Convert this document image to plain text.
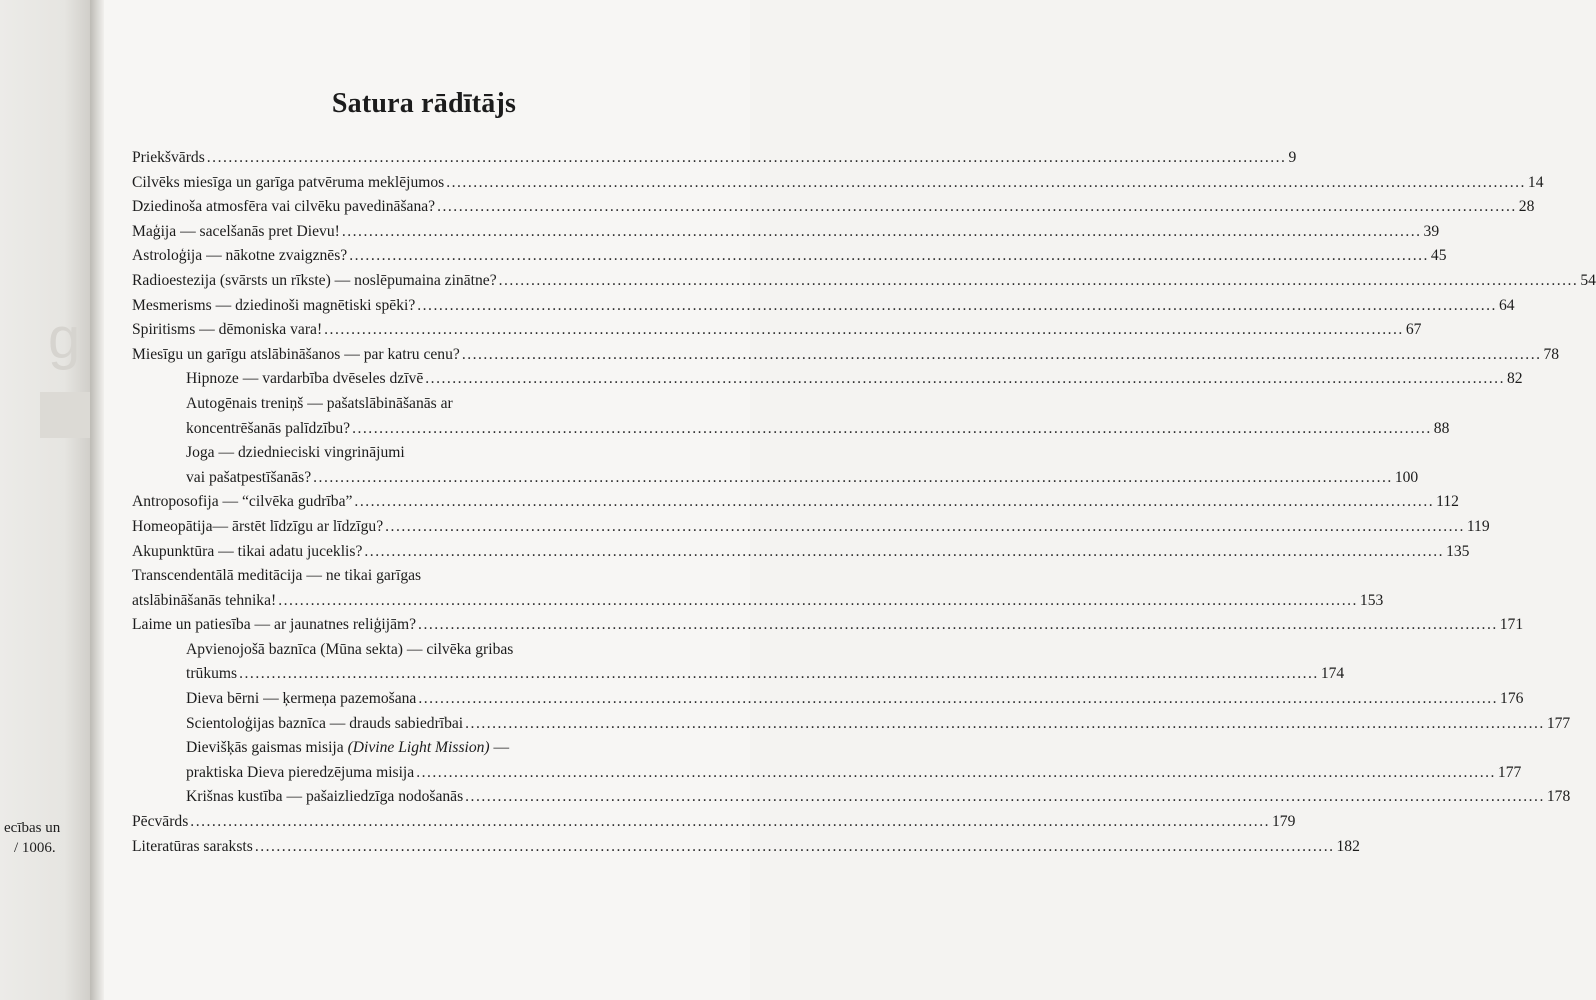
g
ecības un
/ 1006.
Satura rādītājs
Priekšvārds ........................................................................................................................................................................................................ 9
Cilvēks miesīga un garīga patvēruma meklējumos ........................................................................................................................................................................................................ 14
Dziedinoša atmosfēra vai cilvēku pavedināšana? ........................................................................................................................................................................................................ 28
Maģija — sacelšanās pret Dievu! ........................................................................................................................................................................................................ 39
Astroloģija — nākotne zvaigznēs? ........................................................................................................................................................................................................ 45
Radioestezija (svārsts un rīkste) — noslēpumaina zinātne? ........................................................................................................................................................................................................ 54
Mesmerisms — dziedinoši magnētiski spēki? ........................................................................................................................................................................................................ 64
Spiritisms — dēmoniska vara! ........................................................................................................................................................................................................ 67
Miesīgu un garīgu atslābināšanos — par katru cenu? ........................................................................................................................................................................................................ 78
Hipnoze — vardarbība dvēseles dzīvē ........................................................................................................................................................................................................ 82
Autogēnais treniņš — pašatslābināšanās ar
koncentrēšanās palīdzību? ........................................................................................................................................................................................................ 88
Joga — dziednieciski vingrinājumi
vai pašatpestīšanās? ........................................................................................................................................................................................................ 100
Antroposofija — “cilvēka gudrība” ........................................................................................................................................................................................................ 112
Homeopātija— ārstēt līdzīgu ar līdzīgu? ........................................................................................................................................................................................................ 119
Akupunktūra — tikai adatu juceklis? ........................................................................................................................................................................................................ 135
Transcendentālā meditācija — ne tikai garīgas
atslābināšanās tehnika! ........................................................................................................................................................................................................ 153
Laime un patiesība — ar jaunatnes reliģijām? ........................................................................................................................................................................................................ 171
Apvienojošā baznīca (Mūna sekta) — cilvēka gribas
trūkums ........................................................................................................................................................................................................ 174
Dieva bērni — ķermeņa pazemošana ........................................................................................................................................................................................................ 176
Scientoloģijas baznīca — drauds sabiedrībai ........................................................................................................................................................................................................ 177
Dievišķās gaismas misija (Divine Light Mission) —
praktiska Dieva pieredzējuma misija ........................................................................................................................................................................................................ 177
Krišnas kustība — pašaizliedzīga nodošanās ........................................................................................................................................................................................................ 178
Pēcvārds ........................................................................................................................................................................................................ 179
Literatūras saraksts ........................................................................................................................................................................................................ 182
